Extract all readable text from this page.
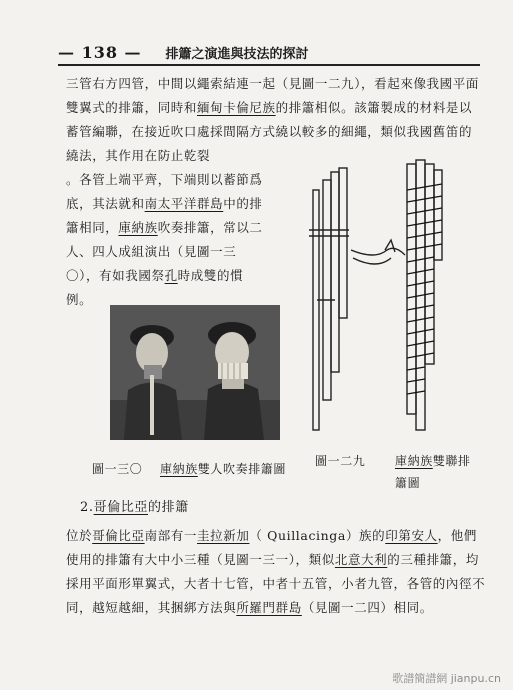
— 138 — 排簫之演進與技法的探討
三管右方四管，中間以繩索結連一起（見圖一二九），看起來像我國平面雙翼式的排簫，同時和緬甸卡倫尼族的排簫相似。該簫製成的材料是以蓄管編聯，在接近吹口處採間隔方式繞以較多的細繩，類似我國舊笛的繞法，其作用在防止乾裂
。各管上端平齊，下端則以蓄節爲底，其法就和南太平洋群島中的排簫相同，庫納族吹奏排簫，常以二人、四人成組演出（見圖一三〇），有如我國祭孔時成雙的慣例。
圖一三〇 庫納族雙人吹奏排簫圖
圖一二九 庫納族雙聯排簫圖
2.哥倫比亞的排簫
位於哥倫比亞南部有一圭拉新加（ Quillacinga）族的印第安人，他們使用的排簫有大中小三種（見圖一三一），類似北意大利的三種排簫，均採用平面形單翼式，大者十七管，中者十五管，小者九管，各管的內徑不同，越短越細，其捆綁方法與所羅門群島（見圖一二四）相同。
歌譜簡譜網 jianpu.cn
